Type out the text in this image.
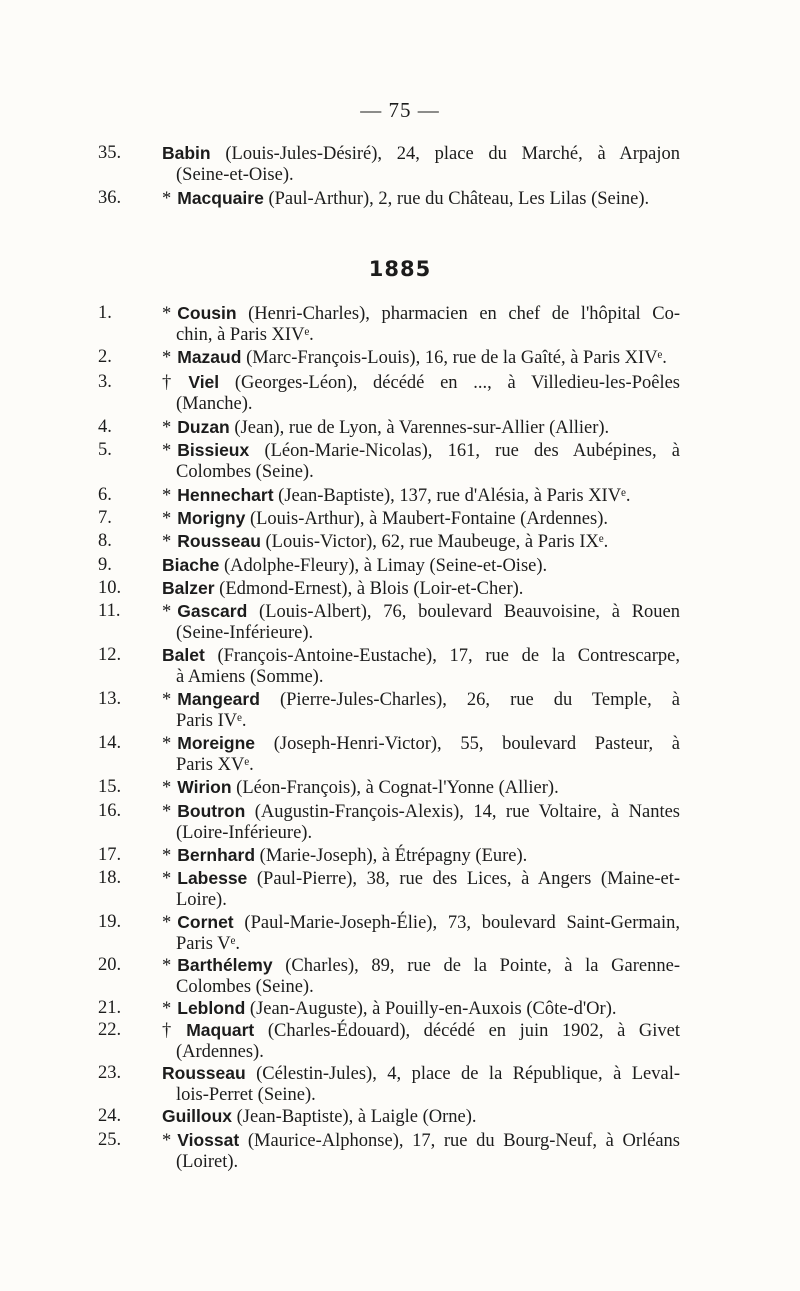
— 75 —
35.	Babin (Louis-Jules-Désiré), 24, place du Marché, à Arpajon
(Seine-et-Oise).
36.	* Macquaire (Paul-Arthur), 2, rue du Château, Les Lilas (Seine).
1885
1.	* Cousin (Henri-Charles), pharmacien en chef de l'hôpital Co-
chin, à Paris XIVᵉ.
2.	* Mazaud (Marc-François-Louis), 16, rue de la Gaîté, à Paris XIVᵉ.
3.	† Viel (Georges-Léon), décédé en ..., à Villedieu-les-Poêles
(Manche).
4.	* Duzan (Jean), rue de Lyon, à Varennes-sur-Allier (Allier).
5.	* Bissieux (Léon-Marie-Nicolas), 161, rue des Aubépines, à
Colombes (Seine).
6.	* Hennechart (Jean-Baptiste), 137, rue d'Alésia, à Paris XIVᵉ.
7.	* Morigny (Louis-Arthur), à Maubert-Fontaine (Ardennes).
8.	* Rousseau (Louis-Victor), 62, rue Maubeuge, à Paris IXᵉ.
9.	Biache (Adolphe-Fleury), à Limay (Seine-et-Oise).
10.	Balzer (Edmond-Ernest), à Blois (Loir-et-Cher).
11.	* Gascard (Louis-Albert), 76, boulevard Beauvoisine, à Rouen
(Seine-Inférieure).
12.	Balet (François-Antoine-Eustache), 17, rue de la Contrescarpe,
à Amiens (Somme).
13.	* Mangeard (Pierre-Jules-Charles), 26, rue du Temple, à
Paris IVᵉ.
14.	* Moreigne (Joseph-Henri-Victor), 55, boulevard Pasteur, à
Paris XVᵉ.
15.	* Wirion (Léon-François), à Cognat-l'Yonne (Allier).
16.	* Boutron (Augustin-François-Alexis), 14, rue Voltaire, à Nantes
(Loire-Inférieure).
17.	* Bernhard (Marie-Joseph), à Étrépagny (Eure).
18.	* Labesse (Paul-Pierre), 38, rue des Lices, à Angers (Maine-et-
Loire).
19.	* Cornet (Paul-Marie-Joseph-Élie), 73, boulevard Saint-Germain,
Paris Vᵉ.
20.	* Barthélemy (Charles), 89, rue de la Pointe, à la Garenne-
Colombes (Seine).
21.	* Leblond (Jean-Auguste), à Pouilly-en-Auxois (Côte-d'Or).
22.	† Maquart (Charles-Édouard), décédé en juin 1902, à Givet
(Ardennes).
23.	Rousseau (Célestin-Jules), 4, place de la République, à Leval-
lois-Perret (Seine).
24.	Guilloux (Jean-Baptiste), à Laigle (Orne).
25.	* Viossat (Maurice-Alphonse), 17, rue du Bourg-Neuf, à Orléans
(Loiret).
